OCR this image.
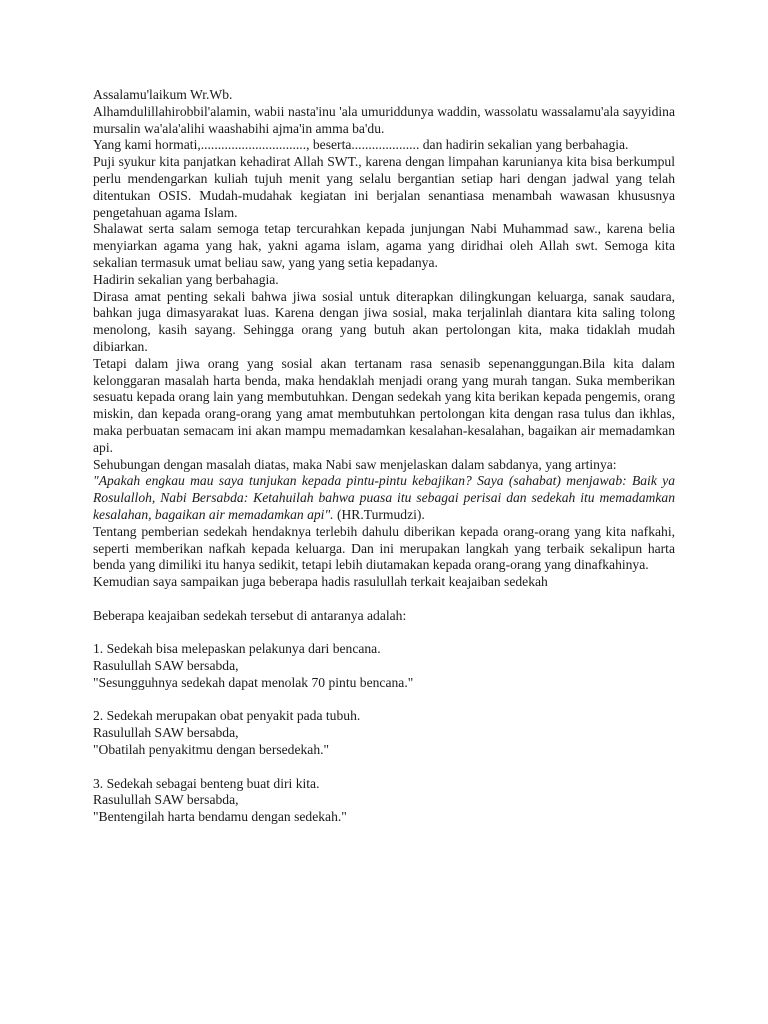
Assalamu'laikum Wr.Wb.

Alhamdulillahirobbil'alamin, wabii nasta'inu 'ala umuriddunya waddin, wassolatu wassalamu'ala sayyidina mursalin wa'ala'alihi waashabihi ajma'in amma ba'du.

Yang kami hormati,..............................., beserta.................... dan hadirin sekalian yang berbahagia.

Puji syukur kita panjatkan kehadirat Allah SWT., karena dengan limpahan karunianya kita bisa berkumpul perlu mendengarkan kuliah tujuh menit yang selalu bergantian setiap hari dengan jadwal yang telah ditentukan OSIS. Mudah-mudahak kegiatan ini berjalan senantiasa menambah wawasan khususnya pengetahuan agama Islam.

Shalawat serta salam semoga tetap tercurahkan kepada junjungan Nabi Muhammad saw., karena belia menyiarkan agama yang hak, yakni agama islam, agama yang diridhai oleh Allah swt. Semoga kita sekalian termasuk umat beliau saw, yang yang setia kepadanya.

Hadirin sekalian yang berbahagia.

Dirasa amat penting sekali bahwa jiwa sosial untuk diterapkan dilingkungan keluarga, sanak saudara, bahkan juga dimasyarakat luas. Karena dengan jiwa sosial, maka terjalinlah diantara kita saling tolong menolong, kasih sayang. Sehingga orang yang butuh akan pertolongan kita, maka tidaklah mudah dibiarkan.

Tetapi dalam jiwa orang yang sosial akan tertanam rasa senasib sepenanggungan.Bila kita dalam kelonggaran masalah harta benda, maka hendaklah menjadi orang yang murah tangan. Suka memberikan sesuatu kepada orang lain yang membutuhkan. Dengan sedekah yang kita berikan kepada pengemis, orang miskin, dan kepada orang-orang yang amat membutuhkan pertolongan kita dengan rasa tulus dan ikhlas, maka perbuatan semacam ini akan mampu memadamkan kesalahan-kesalahan, bagaikan air memadamkan api.

Sehubungan dengan masalah diatas, maka Nabi saw menjelaskan dalam sabdanya, yang artinya:

"Apakah engkau mau saya tunjukan kepada pintu-pintu kebajikan? Saya (sahabat) menjawab: Baik ya Rosulalloh, Nabi Bersabda: Ketahuilah bahwa puasa itu sebagai perisai dan sedekah itu memadamkan kesalahan, bagaikan air memadamkan api". (HR.Turmudzi).

Tentang pemberian sedekah hendaknya terlebih dahulu diberikan kepada orang-orang yang kita nafkahi, seperti memberikan nafkah kepada keluarga. Dan ini merupakan langkah yang terbaik sekalipun harta benda yang dimiliki itu hanya sedikit, tetapi lebih diutamakan kepada orang-orang yang dinafkahinya.

Kemudian saya sampaikan juga beberapa hadis rasulullah terkait keajaiban sedekah

Beberapa keajaiban sedekah tersebut di antaranya adalah:

1. Sedekah bisa melepaskan pelakunya dari bencana.

Rasulullah SAW bersabda,

"Sesungguhnya sedekah dapat menolak 70 pintu bencana."

2. Sedekah merupakan obat penyakit pada tubuh.

Rasulullah SAW bersabda,

"Obatilah penyakitmu dengan bersedekah."

3. Sedekah sebagai benteng buat diri kita.

Rasulullah SAW bersabda,

"Bentengilah harta bendamu dengan sedekah."
